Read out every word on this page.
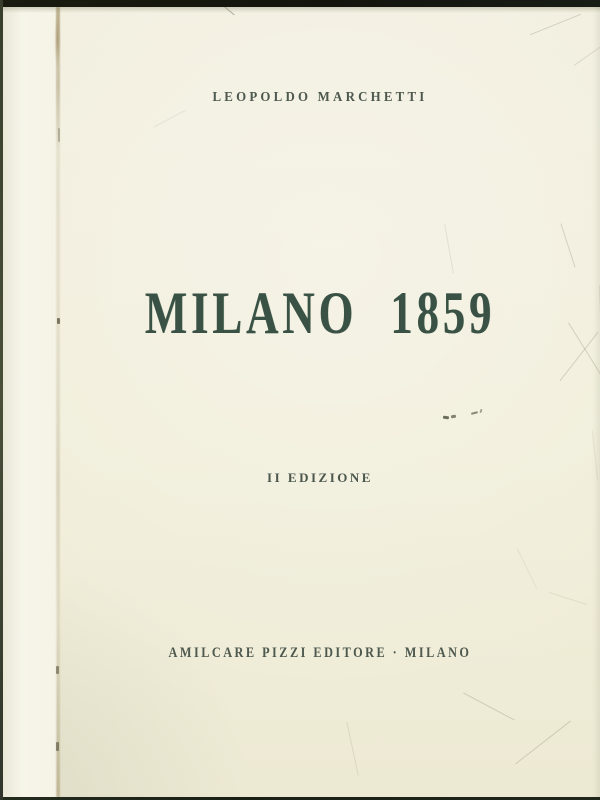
LEOPOLDO MARCHETTI
MILANO 1859
II EDIZIONE
AMILCARE PIZZI EDITORE · MILANO
